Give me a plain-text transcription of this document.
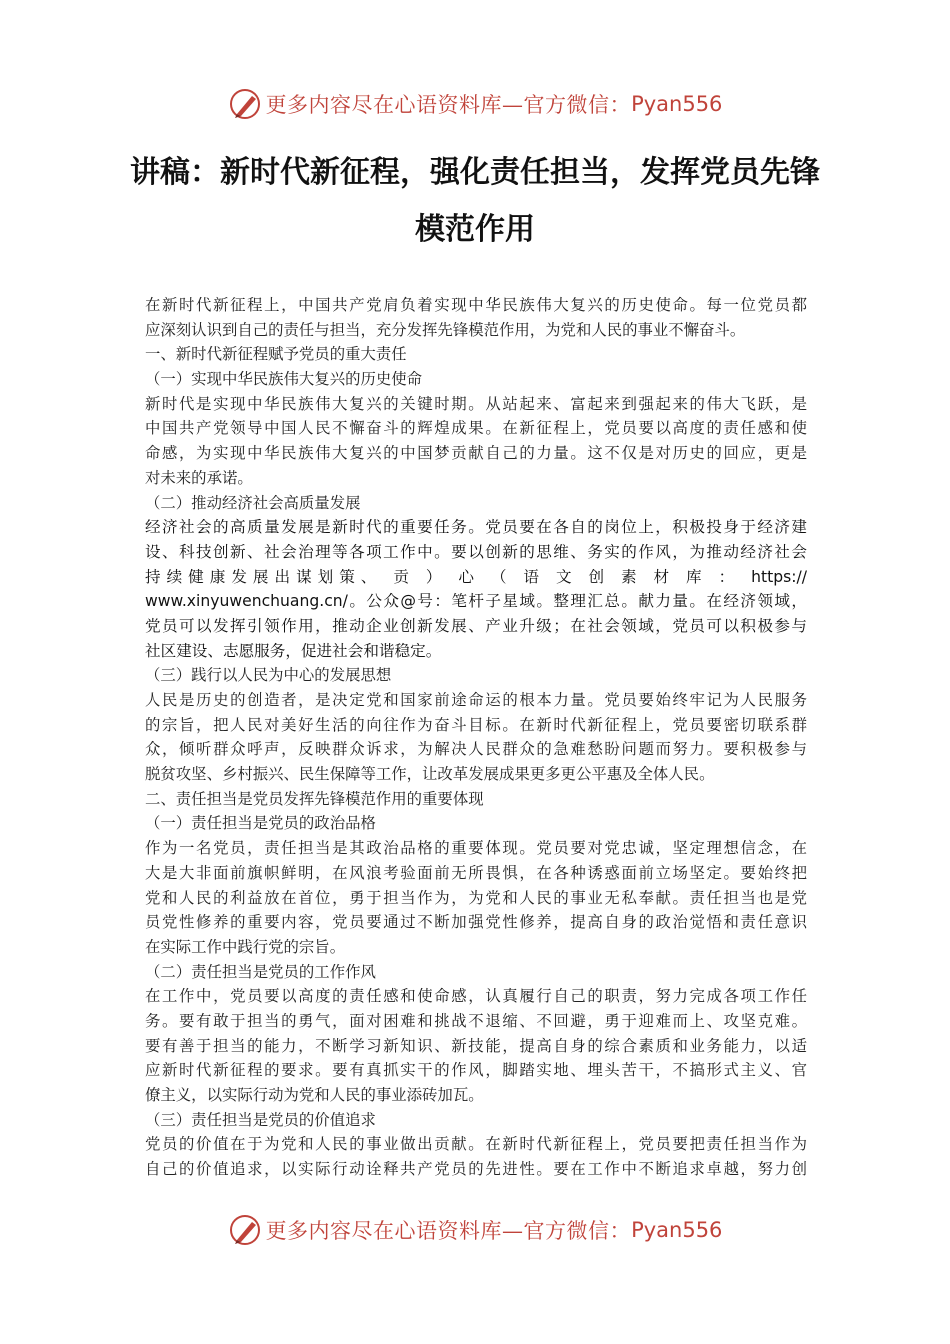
更多内容尽在心语资料库—官方微信： Pyan556
讲稿：新时代新征程，强化责任担当，发挥党员先锋
模范作用
在新时代新征程上，中国共产党肩负着实现中华民族伟大复兴的历史使命。每一位党员都
应深刻认识到自己的责任与担当，充分发挥先锋模范作用，为党和人民的事业不懈奋斗。
一、新时代新征程赋予党员的重大责任
（一）实现中华民族伟大复兴的历史使命
新时代是实现中华民族伟大复兴的关键时期。从站起来、富起来到强起来的伟大飞跃，是
中国共产党领导中国人民不懈奋斗的辉煌成果。在新征程上，党员要以高度的责任感和使
命感，为实现中华民族伟大复兴的中国梦贡献自己的力量。这不仅是对历史的回应，更是
对未来的承诺。
（二）推动经济社会高质量发展
经济社会的高质量发展是新时代的重要任务。党员要在各自的岗位上，积极投身于经济建
设、科技创新、社会治理等各项工作中。要以创新的思维、务实的作风，为推动经济社会
持续健康发展出谋划策、 贡 ） 心 （ 语 文 创 素 材 库 ： https://
www.xinyuwenchuang.cn/。公众@号：笔杆子星域。整理汇总。献力量。在经济领域，
党员可以发挥引领作用，推动企业创新发展、产业升级；在社会领域，党员可以积极参与
社区建设、志愿服务，促进社会和谐稳定。
（三）践行以人民为中心的发展思想
人民是历史的创造者，是决定党和国家前途命运的根本力量。党员要始终牢记为人民服务
的宗旨，把人民对美好生活的向往作为奋斗目标。在新时代新征程上，党员要密切联系群
众，倾听群众呼声，反映群众诉求，为解决人民群众的急难愁盼问题而努力。要积极参与
脱贫攻坚、乡村振兴、民生保障等工作，让改革发展成果更多更公平惠及全体人民。
二、责任担当是党员发挥先锋模范作用的重要体现
（一）责任担当是党员的政治品格
作为一名党员，责任担当是其政治品格的重要体现。党员要对党忠诚，坚定理想信念，在
大是大非面前旗帜鲜明，在风浪考验面前无所畏惧，在各种诱惑面前立场坚定。要始终把
党和人民的利益放在首位，勇于担当作为，为党和人民的事业无私奉献。责任担当也是党
员党性修养的重要内容，党员要通过不断加强党性修养，提高自身的政治觉悟和责任意识
在实际工作中践行党的宗旨。
（二）责任担当是党员的工作作风
在工作中，党员要以高度的责任感和使命感，认真履行自己的职责，努力完成各项工作任
务。要有敢于担当的勇气，面对困难和挑战不退缩、不回避，勇于迎难而上、攻坚克难。
要有善于担当的能力，不断学习新知识、新技能，提高自身的综合素质和业务能力，以适
应新时代新征程的要求。要有真抓实干的作风，脚踏实地、埋头苦干，不搞形式主义、官
僚主义，以实际行动为党和人民的事业添砖加瓦。
（三）责任担当是党员的价值追求
党员的价值在于为党和人民的事业做出贡献。在新时代新征程上，党员要把责任担当作为
自己的价值追求，以实际行动诠释共产党员的先进性。要在工作中不断追求卓越，努力创
更多内容尽在心语资料库—官方微信： Pyan556
